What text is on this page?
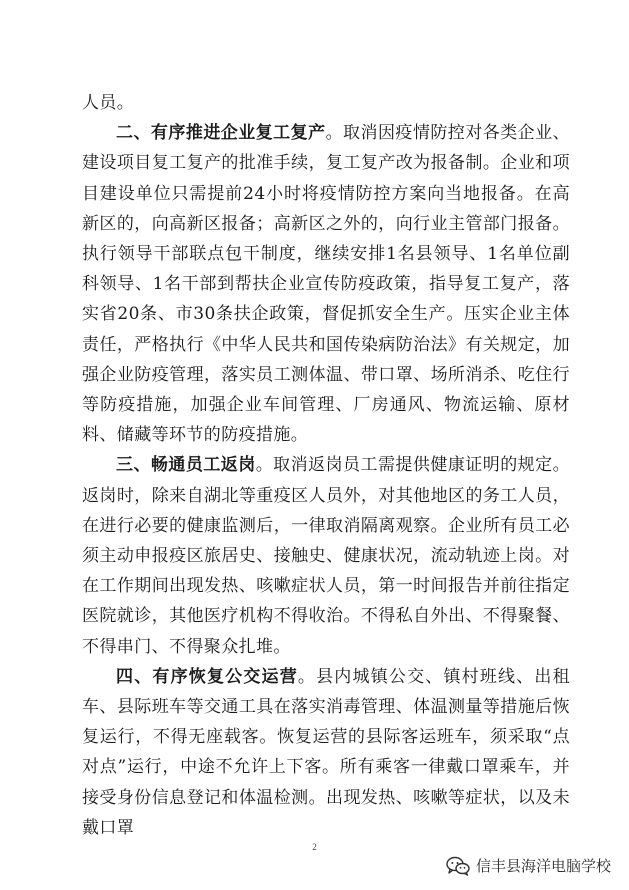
人员。

二、有序推进企业复工复产。取消因疫情防控对各类企业、建设项目复工复产的批准手续，复工复产改为报备制。企业和项目建设单位只需提前24小时将疫情防控方案向当地报备。在高新区的，向高新区报备；高新区之外的，向行业主管部门报备。执行领导干部联点包干制度，继续安排1名县领导、1名单位副科领导、1名干部到帮扶企业宣传防疫政策，指导复工复产，落实省20条、市30条扶企政策，督促抓安全生产。压实企业主体责任，严格执行《中华人民共和国传染病防治法》有关规定，加强企业防疫管理，落实员工测体温、带口罩、场所消杀、吃住行等防疫措施，加强企业车间管理、厂房通风、物流运输、原材料、储藏等环节的防疫措施。

三、畅通员工返岗。取消返岗员工需提供健康证明的规定。返岗时，除来自湖北等重疫区人员外，对其他地区的务工人员，在进行必要的健康监测后，一律取消隔离观察。企业所有员工必须主动申报疫区旅居史、接触史、健康状况，流动轨迹上岗。对在工作期间出现发热、咳嗽症状人员，第一时间报告并前往指定医院就诊，其他医疗机构不得收治。不得私自外出、不得聚餐、不得串门、不得聚众扎堆。

四、有序恢复公交运营。县内城镇公交、镇村班线、出租车、县际班车等交通工具在落实消毒管理、体温测量等措施后恢复运行，不得无座载客。恢复运营的县际客运班车，须采取“点对点”运行，中途不允许上下客。所有乘客一律戴口罩乘车，并接受身份信息登记和体温检测。出现发热、咳嗽等症状，以及未戴口罩

2
信丰县海洋电脑学校
